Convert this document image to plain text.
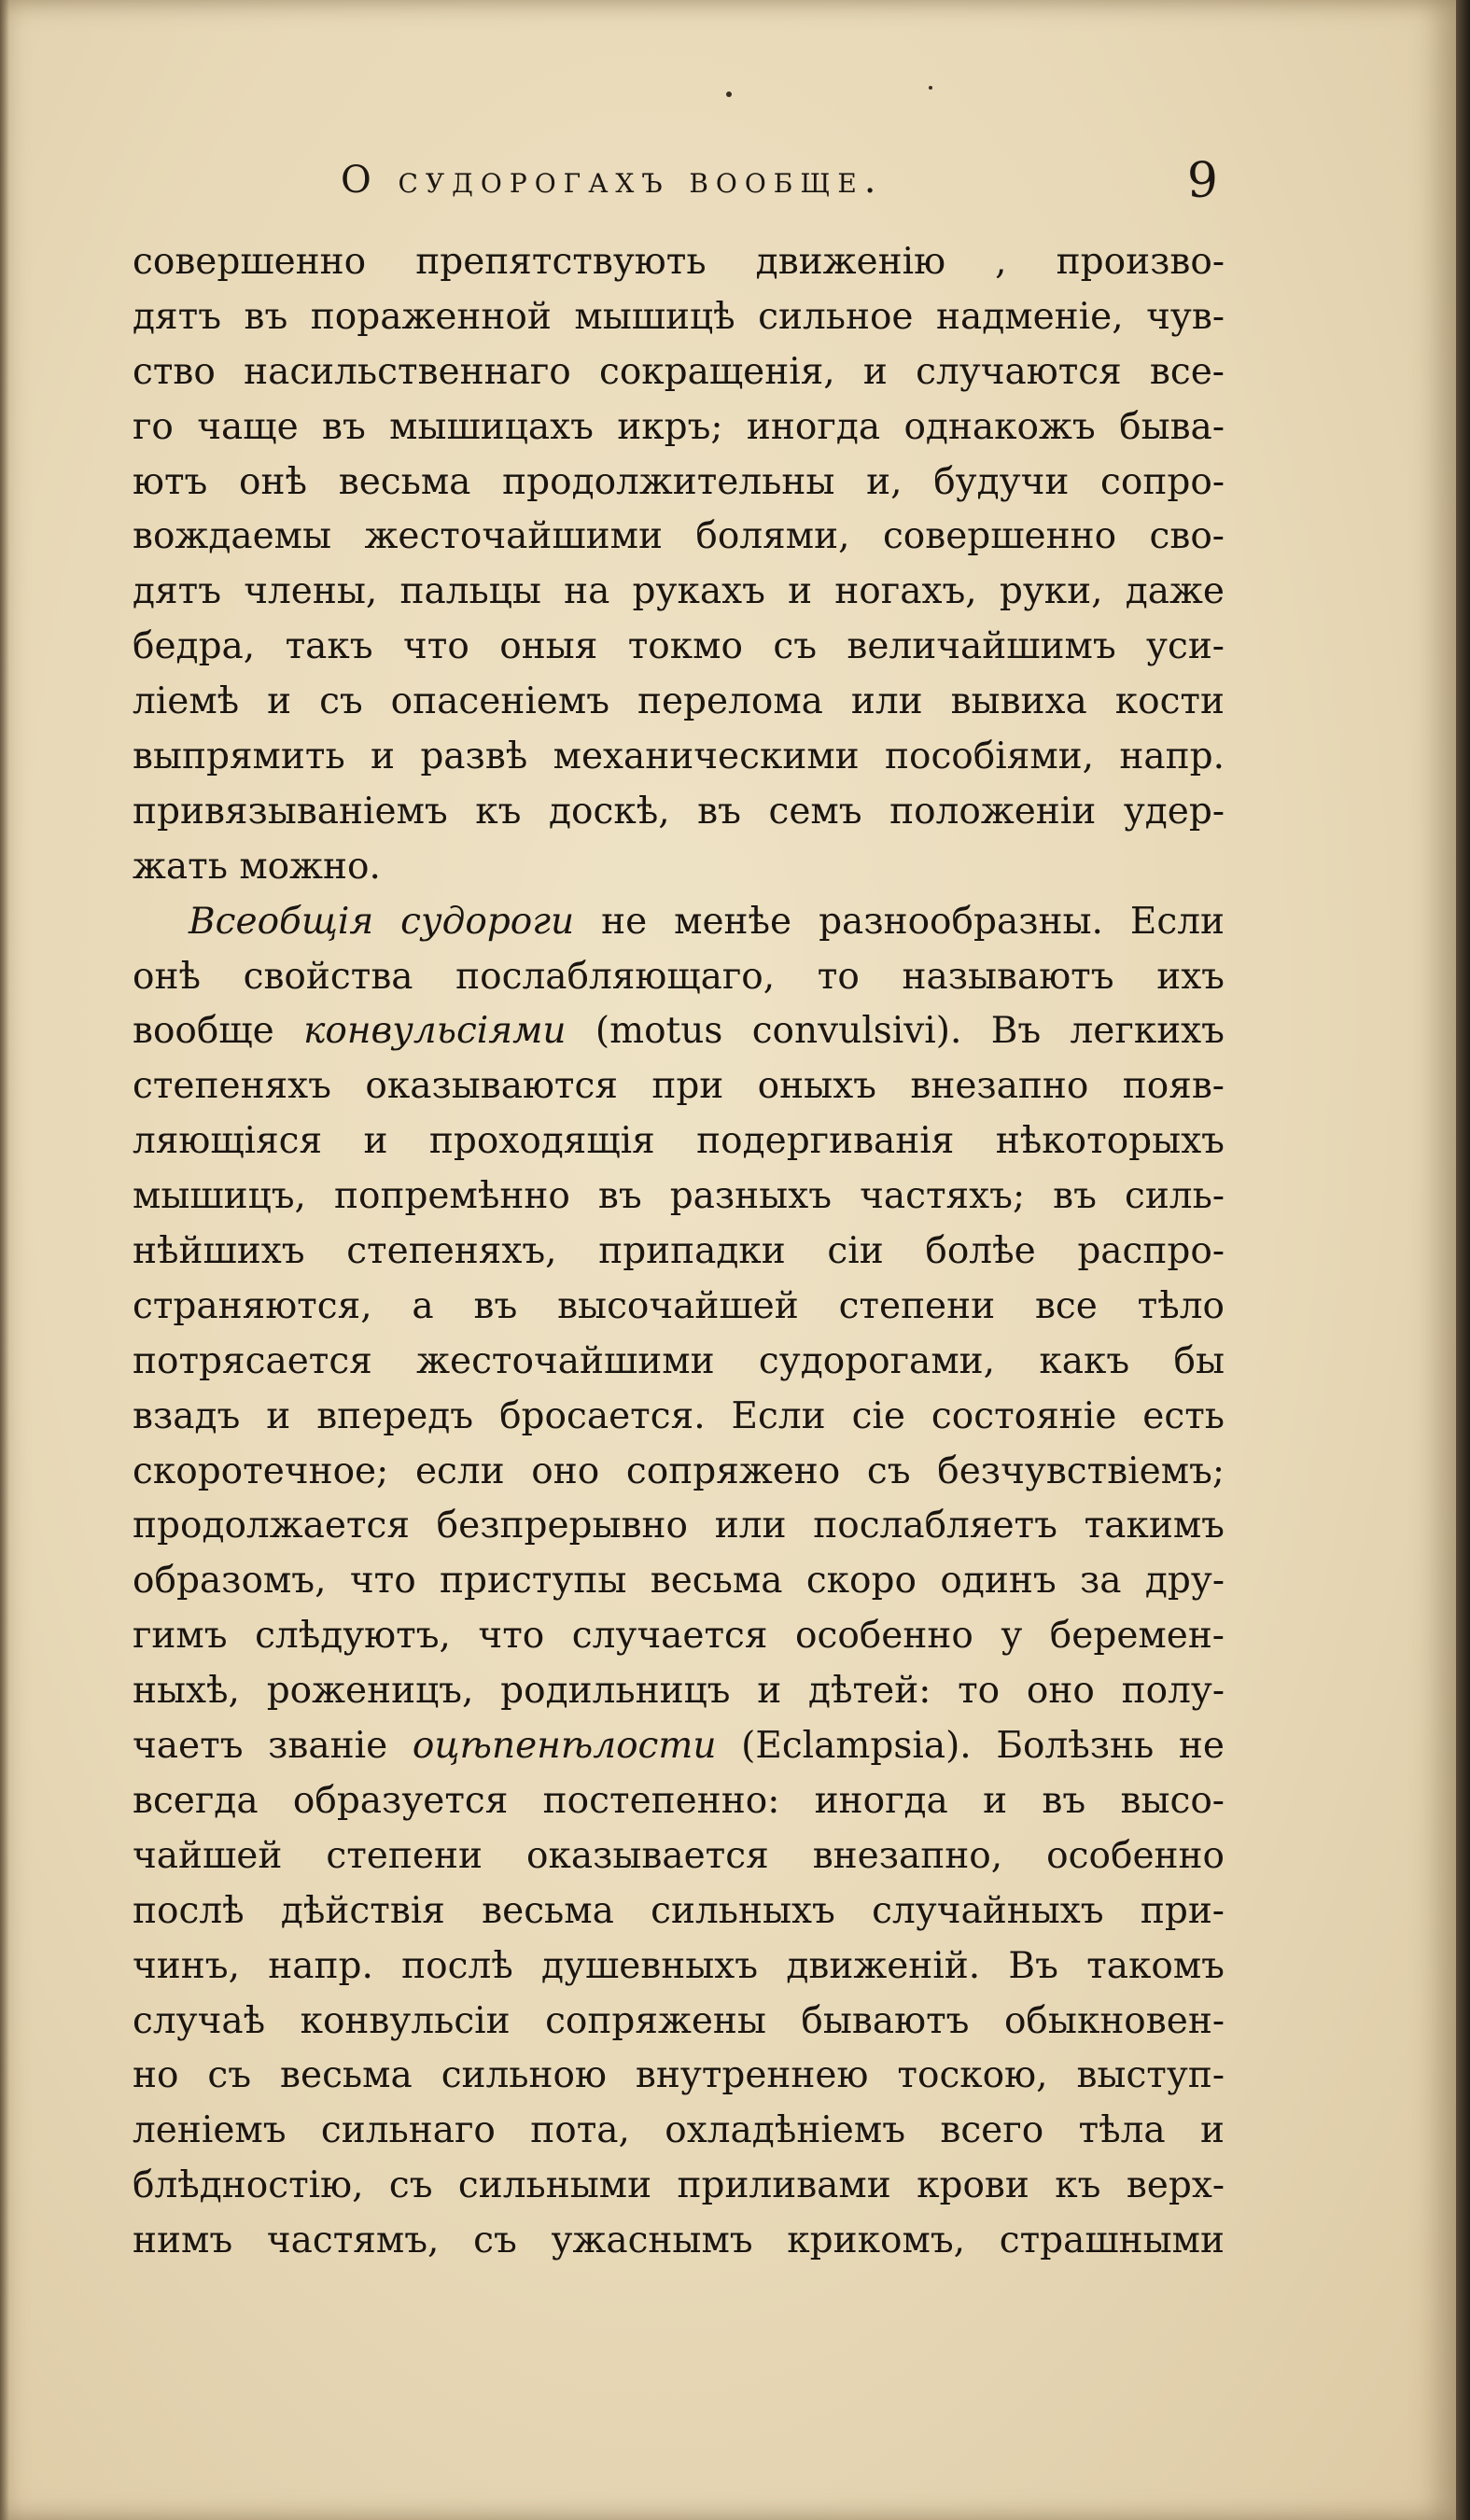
О судорогахъ вообще.	9
совершенно препятствують движенію , произво-
дятъ въ пораженной мышицѣ сильное надменіе, чув-
ство насильственнаго сокращенія, и случаются все-
го чаще въ мышицахъ икръ; иногда однакожъ быва-
ютъ онѣ весьма продолжительны и, будучи сопро-
вождаемы жесточайшими болями, совершенно сво-
дятъ члены, пальцы на рукахъ и ногахъ, руки, даже
бедра, такъ что оныя токмо съ величайшимъ уси-
ліемѣ и съ опасеніемъ перелома или вывиха кости
выпрямить и развѣ механическими пособіями, напр.
привязываніемъ къ доскѣ, въ семъ положеніи удер-
жать можно.
Всеобщія судороги не менѣе разнообразны. Если
онѣ свойства послабляющаго, то называютъ ихъ
вообще конвульсіями (motus convulsivi). Въ легкихъ
степеняхъ оказываются при оныхъ внезапно появ-
ляющіяся и проходящія подергиванія нѣкоторыхъ
мышицъ, попремѣнно въ разныхъ частяхъ; въ силь-
нѣйшихъ степеняхъ, припадки сіи болѣе распро-
страняются, а въ высочайшей степени все тѣло
потрясается жесточайшими судорогами, какъ бы
взадъ и впередъ бросается. Если сіе состояніе есть
скоротечное; если оно сопряжено съ безчувствіемъ;
продолжается безпрерывно или послабляетъ такимъ
образомъ, что приступы весьма скоро одинъ за дру-
гимъ слѣдуютъ, что случается особенно у беремен-
ныхѣ, роженицъ, родильницъ и дѣтей: то оно полу-
чаетъ званіе оцѣпенѣлости (Eclampsia). Болѣзнь не
всегда образуется постепенно: иногда и въ высо-
чайшей степени оказывается внезапно, особенно
послѣ дѣйствія весьма сильныхъ случайныхъ при-
чинъ, напр. послѣ душевныхъ движеній. Въ такомъ
случаѣ конвульсіи сопряжены бываютъ обыкновен-
но съ весьма сильною внутреннею тоскою, выступ-
леніемъ сильнаго пота, охладѣніемъ всего тѣла и
блѣдностію, съ сильными приливами крови къ верх-
нимъ частямъ, съ ужаснымъ крикомъ, страшными
